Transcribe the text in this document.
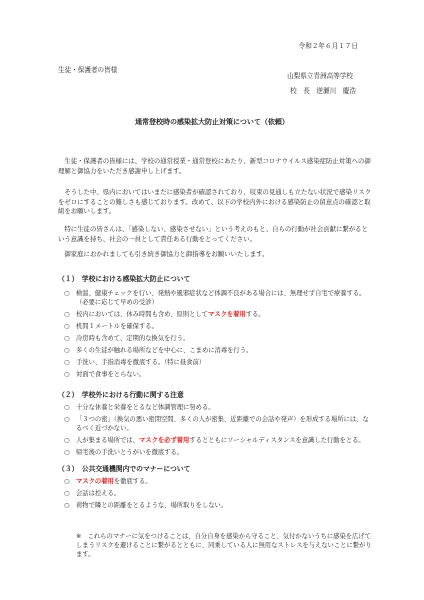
令和２年６月１７日
生徒・保護者の皆様
山梨県立青洲高等学校
校　長　逆瀬川　慶浩
通常登校時の感染拡大防止対策について（依頼）
　生徒・保護者の皆様には、学校の通常授業・通常登校にあたり、新型コロナウイルス感染症防止対策への御理解と御協力をいただき感謝申し上げます。
　そうした中、県内においてはいまだに感染者が確認されており、収束の見通しも立たない状況で感染リスクをゼロにすることの難しさも感じております。改めて、以下の学校内外における感染防止の留意点の確認と取組をお願いします。
　特に生徒の皆さんは、「感染しない、感染させない」という考えのもと、自らの行動が社会貢献に繋がるという意識を持ち、社会の一員として責任ある行動をとってください。
　御家庭におかれましても引き続き御協力と御指導をお願いいたします。
（１）　学校における感染拡大防止について
○	検温、健康チェックを行い、発熱や風邪症状など体調不良がある場合には、無理せず自宅で療養する。（必要に応じて早めの受診）
○	校内においては、休み時間も含め、原則としてマスクを着用する。
○	机間１メートルを確保する。
○	冷房時も含めて、定期的な換気を行う。
○	多くの生徒が触れる場所などを中心に、こまめに消毒を行う。
○	手洗い、手指消毒を徹底する。（特に昼食前）
○	対面で食事をとらない。
（２）　学校外における行動に関する注意
○	十分な休養と栄養をとるなど体調管理に努める。
○	「３つの密」（換気の悪い密閉空間、多くの人が密集、近距離での会話や発声）を形成する場所には、なるべく近づかない。
○	人が集まる場所では、マスクを必ず着用するとともにソーシャルディスタンスを意識した行動をとる。
○	帰宅後の手洗いとうがいを徹底する。
（３）　公共交通機関内でのマナーについて
○	マスクの着用を徹底する。
○	会話は控える。
○	荷物で隣との距離をとるような、場所取りをしない。
※　これらのマナーに気をつけることは、自分自身を感染から守ること、気付かないうちに感染を広げてしまうリスクを避けることに繋がるとともに、同乗している人に無用なストレスを与えないことに繋がります。
